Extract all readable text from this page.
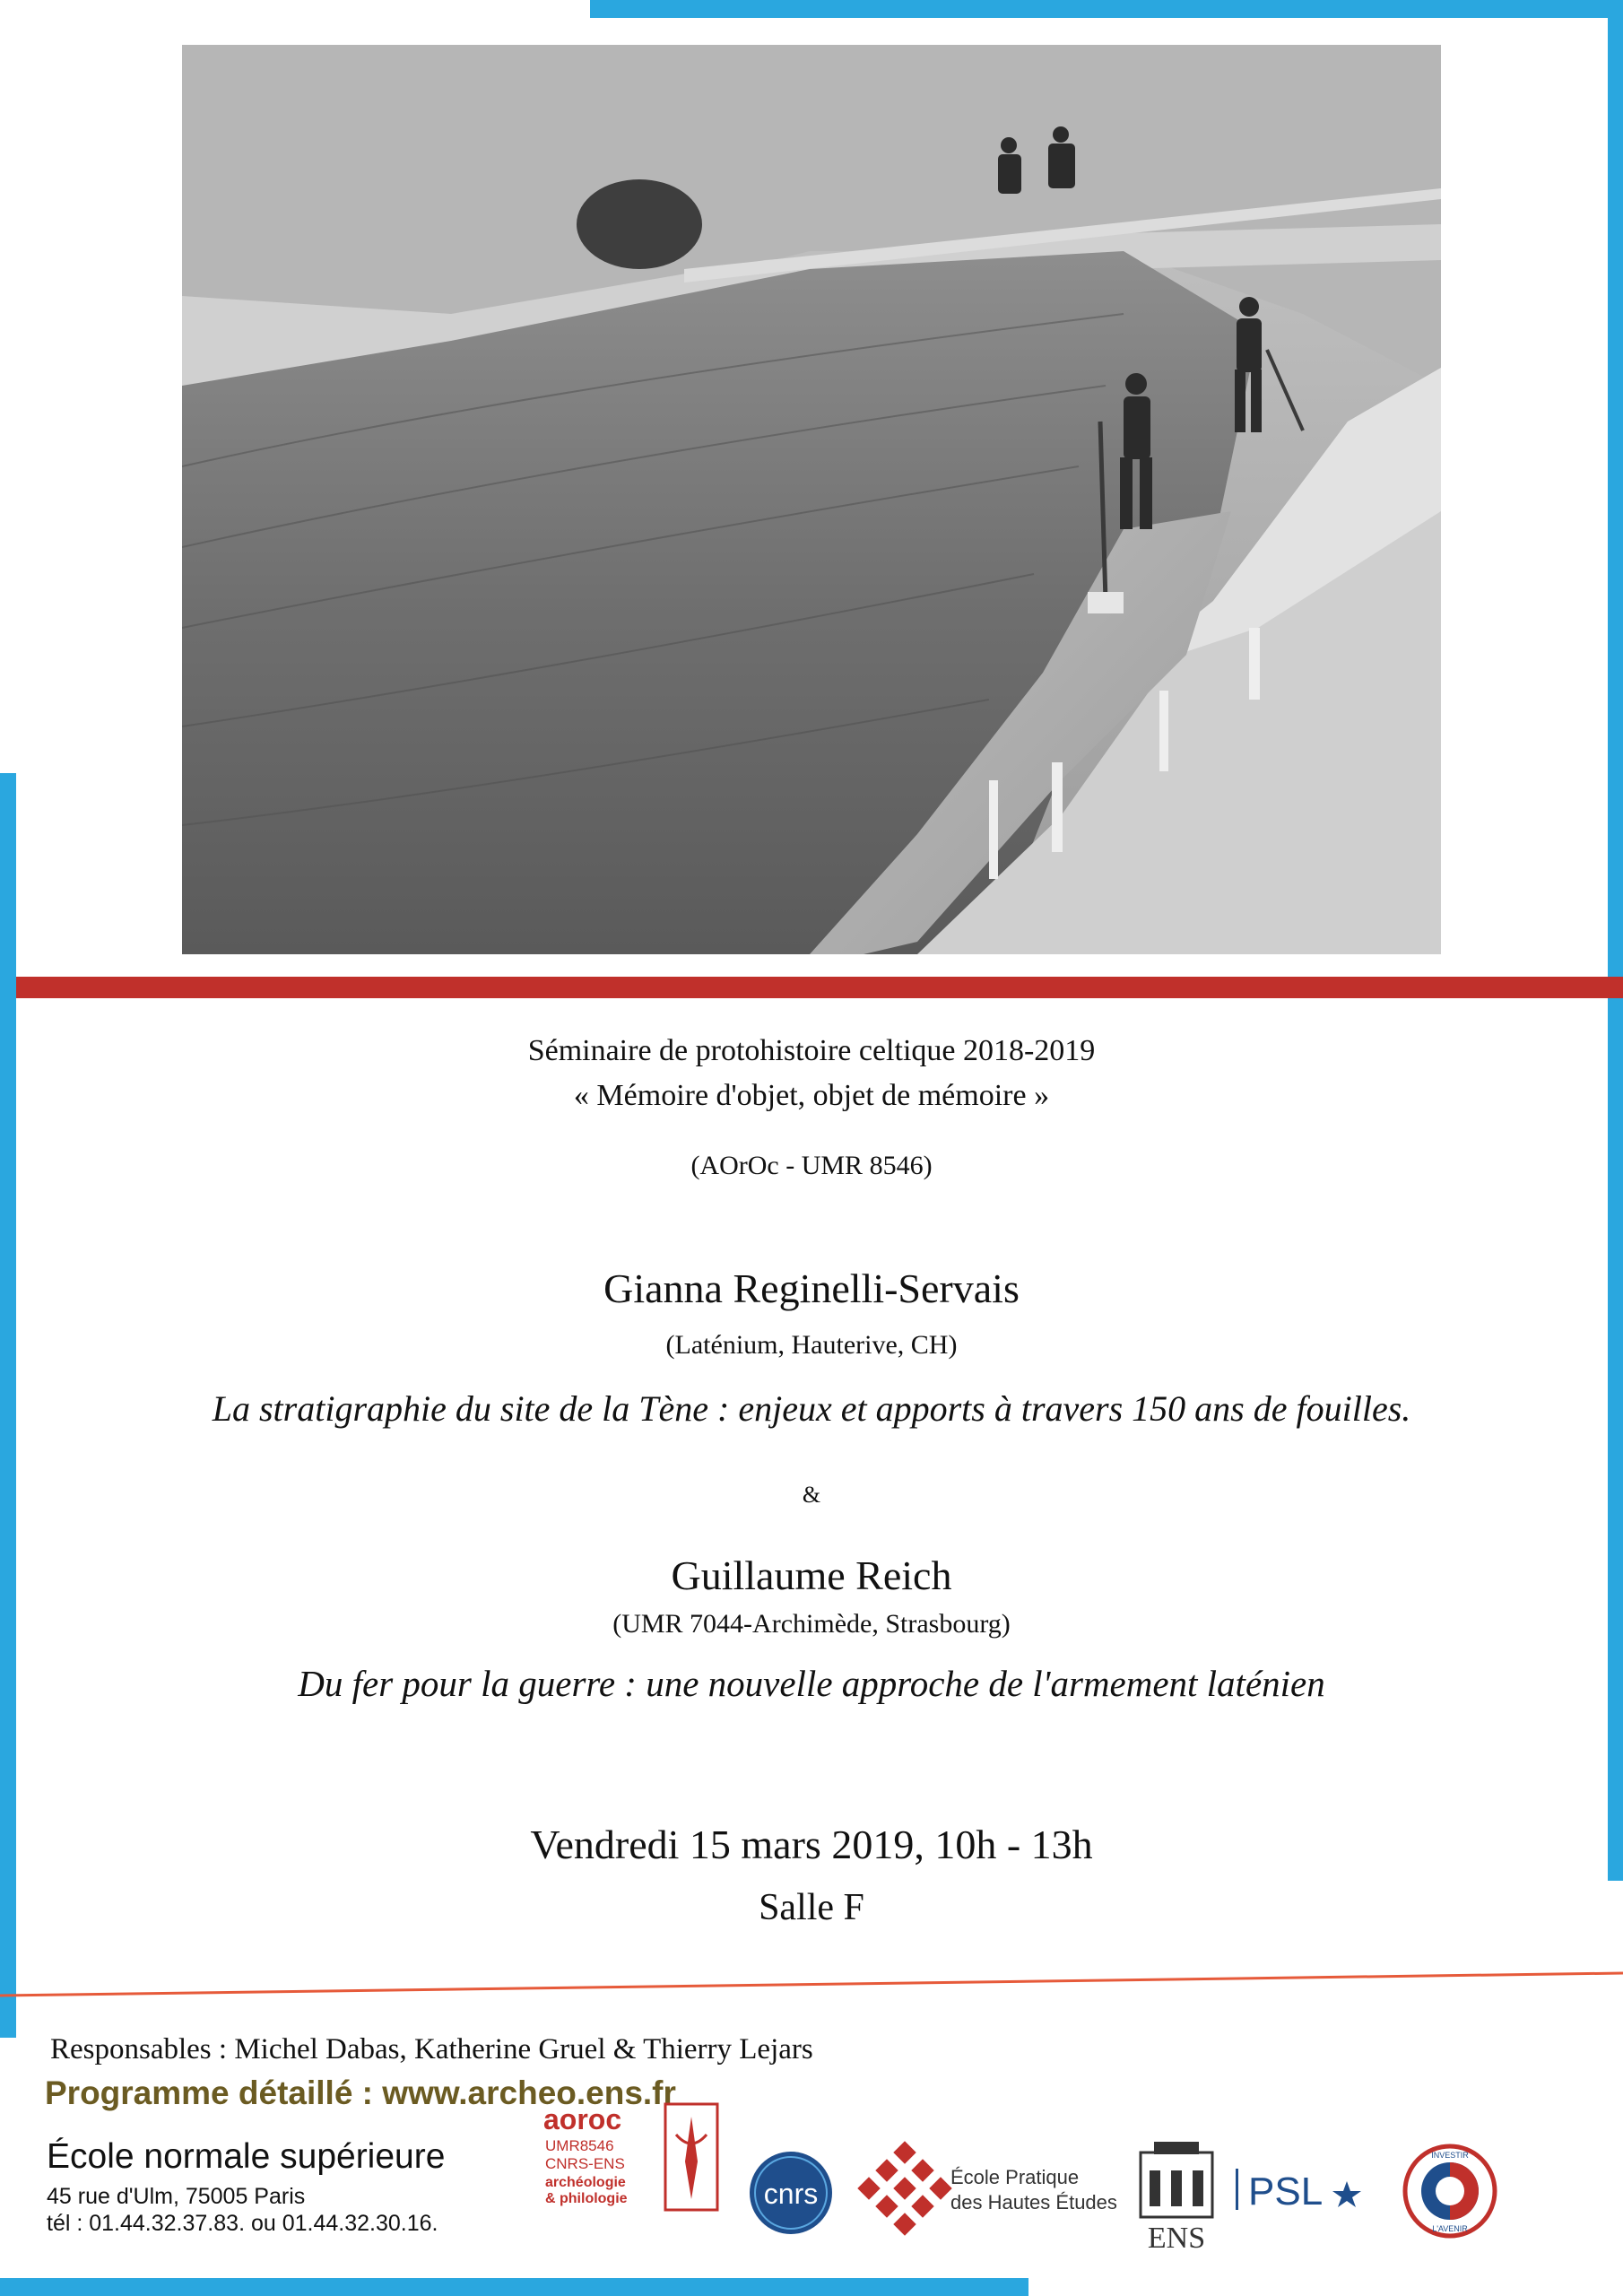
Séminaire de protohistoire celtique 2018-2019
« Mémoire d'objet, objet de mémoire »
(AOrOc - UMR 8546)
Gianna Reginelli-Servais
(Laténium, Hauterive, CH)
La stratigraphie du site de la Tène : enjeux et apports à travers 150 ans de fouilles.
&
Guillaume Reich
(UMR 7044-Archimède, Strasbourg)
Du fer pour la guerre : une nouvelle approche de l'armement laténien
Vendredi 15 mars 2019, 10h - 13h
Salle F
Responsables : Michel Dabas, Katherine Gruel & Thierry Lejars
Programme détaillé : www.archeo.ens.fr
École normale supérieure
45 rue d'Ulm, 75005 Paris
tél : 01.44.32.37.83. ou 01.44.32.30.16.
aoroc
UMR8546
CNRS-ENS
archéologie
& philologie	cnrs
École Pratique
des Hautes Études
ENS
PSL
INVESTIR
L'AVENIR
